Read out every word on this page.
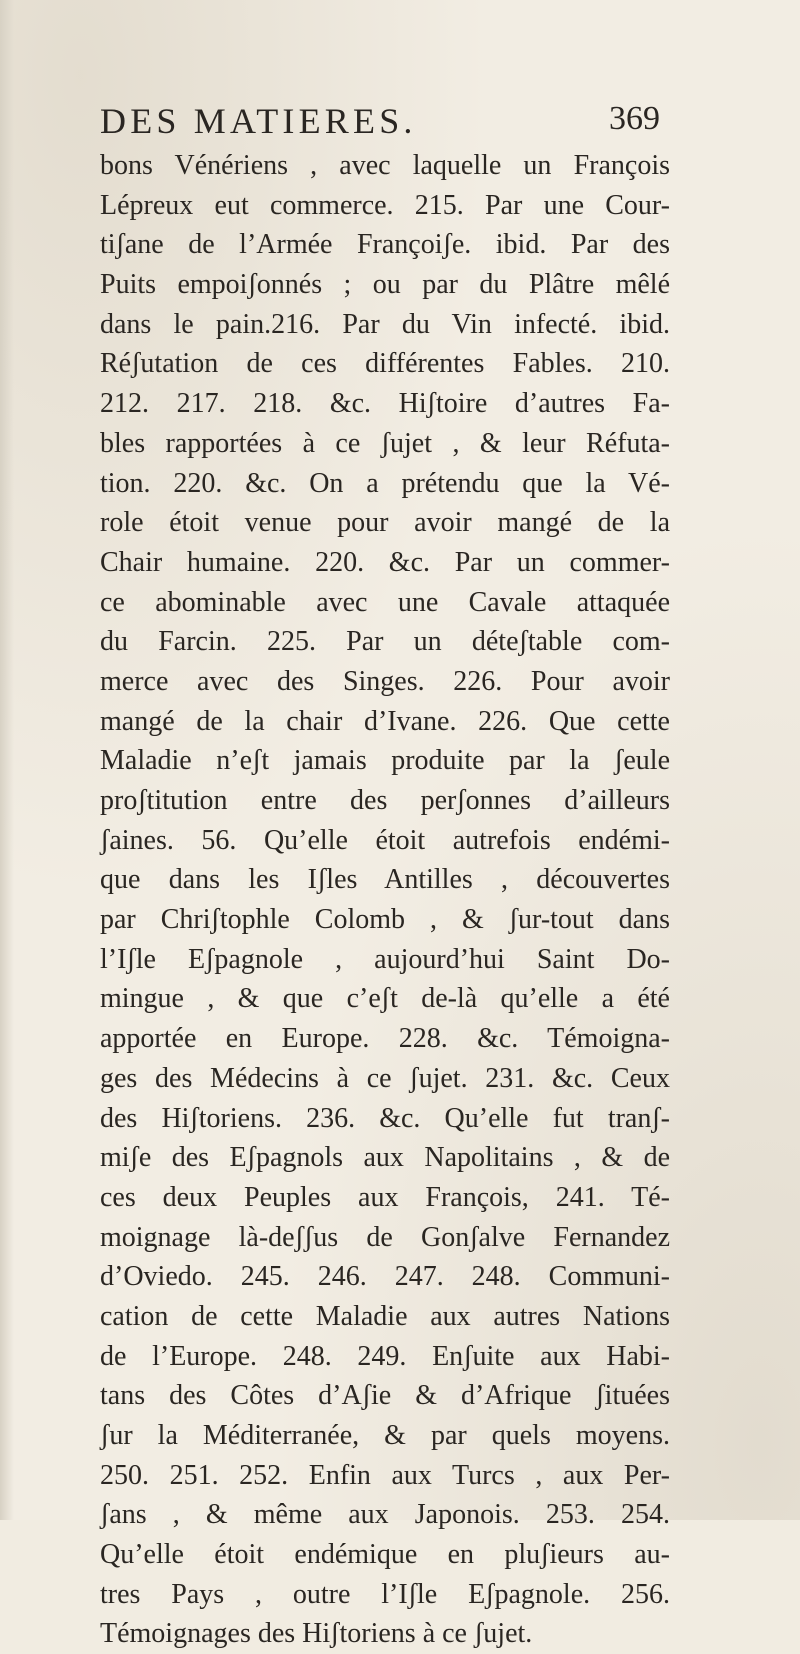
DES MATIERES.	369
bons Vénériens , avec laquelle un François
Lépreux eut commerce. 215. Par une Cour-
tiʃane de l’Armée Françoiʃe. ibid. Par des
Puits empoiʃonnés ; ou par du Plâtre mêlé
dans le pain.216. Par du Vin infecté. ibid.
Réʃutation de ces différentes Fables. 210.
212. 217. 218. &c. Hiʃtoire d’autres Fa-
bles rapportées à ce ʃujet , & leur Réfuta-
tion. 220. &c. On a prétendu que la Vé-
role étoit venue pour avoir mangé de la
Chair humaine. 220. &c. Par un commer-
ce abominable avec une Cavale attaquée
du Farcin. 225. Par un déteʃtable com-
merce avec des Singes. 226. Pour avoir
mangé de la chair d’Ivane. 226. Que cette
Maladie n’eʃt jamais produite par la ʃeule
proʃtitution entre des perʃonnes d’ailleurs
ʃaines. 56. Qu’elle étoit autrefois endémi-
que dans les Iʃles Antilles , découvertes
par Chriʃtophle Colomb , & ʃur-tout dans
l’Iʃle Eʃpagnole , aujourd’hui Saint Do-
mingue , & que c’eʃt de-là qu’elle a été
apportée en Europe. 228. &c. Témoigna-
ges des Médecins à ce ʃujet. 231. &c. Ceux
des Hiʃtoriens. 236. &c. Qu’elle fut tranʃ-
miʃe des Eʃpagnols aux Napolitains , & de
ces deux Peuples aux François, 241. Té-
moignage là-deʃʃus de Gonʃalve Fernandez
d’Oviedo. 245. 246. 247. 248. Communi-
cation de cette Maladie aux autres Nations
de l’Europe. 248. 249. Enʃuite aux Habi-
tans des Côtes d’Aʃie & d’Afrique ʃituées
ʃur la Méditerranée, & par quels moyens.
250. 251. 252. Enfin aux Turcs , aux Per-
ʃans , & même aux Japonois. 253. 254.
Qu’elle étoit endémique en pluʃieurs au-
tres Pays , outre l’Iʃle Eʃpagnole. 256.
Témoignages des Hiʃtoriens à ce ʃujet.
